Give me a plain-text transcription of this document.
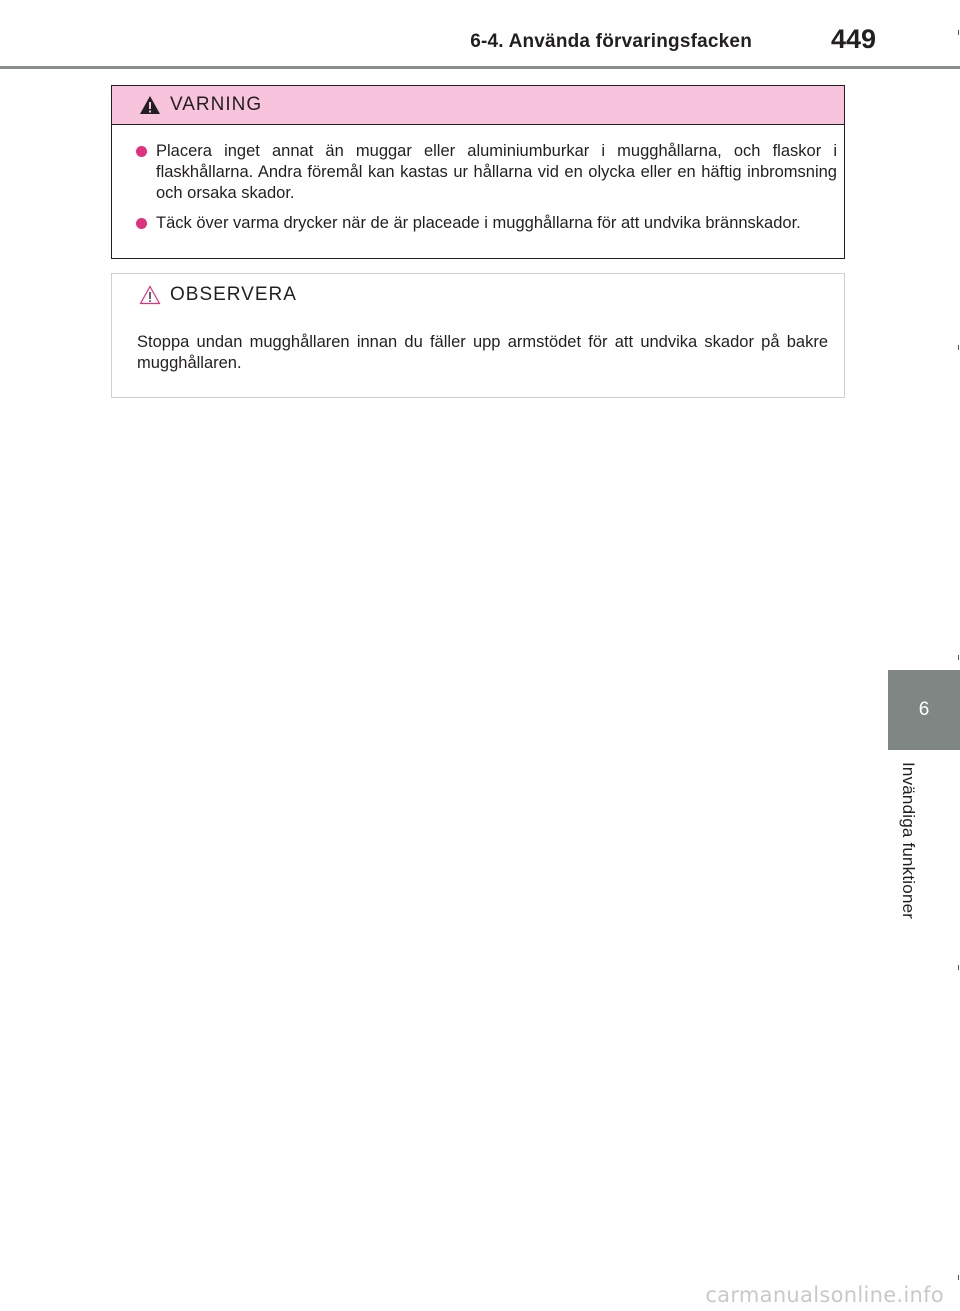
6-4. Använda förvaringsfacken	449
VARNING
Placera inget annat än muggar eller aluminiumburkar i mugghållarna, och flaskor i flaskhållarna. Andra föremål kan kastas ur hållarna vid en olycka eller en häftig inbromsning och orsaka skador.
Täck över varma drycker när de är placeade i mugghållarna för att undvika brännskador.
OBSERVERA
Stoppa undan mugghållaren innan du fäller upp armstödet för att undvika skador på bakre mugghållaren.
6
Invändiga funktioner
carmanualsonline.info
